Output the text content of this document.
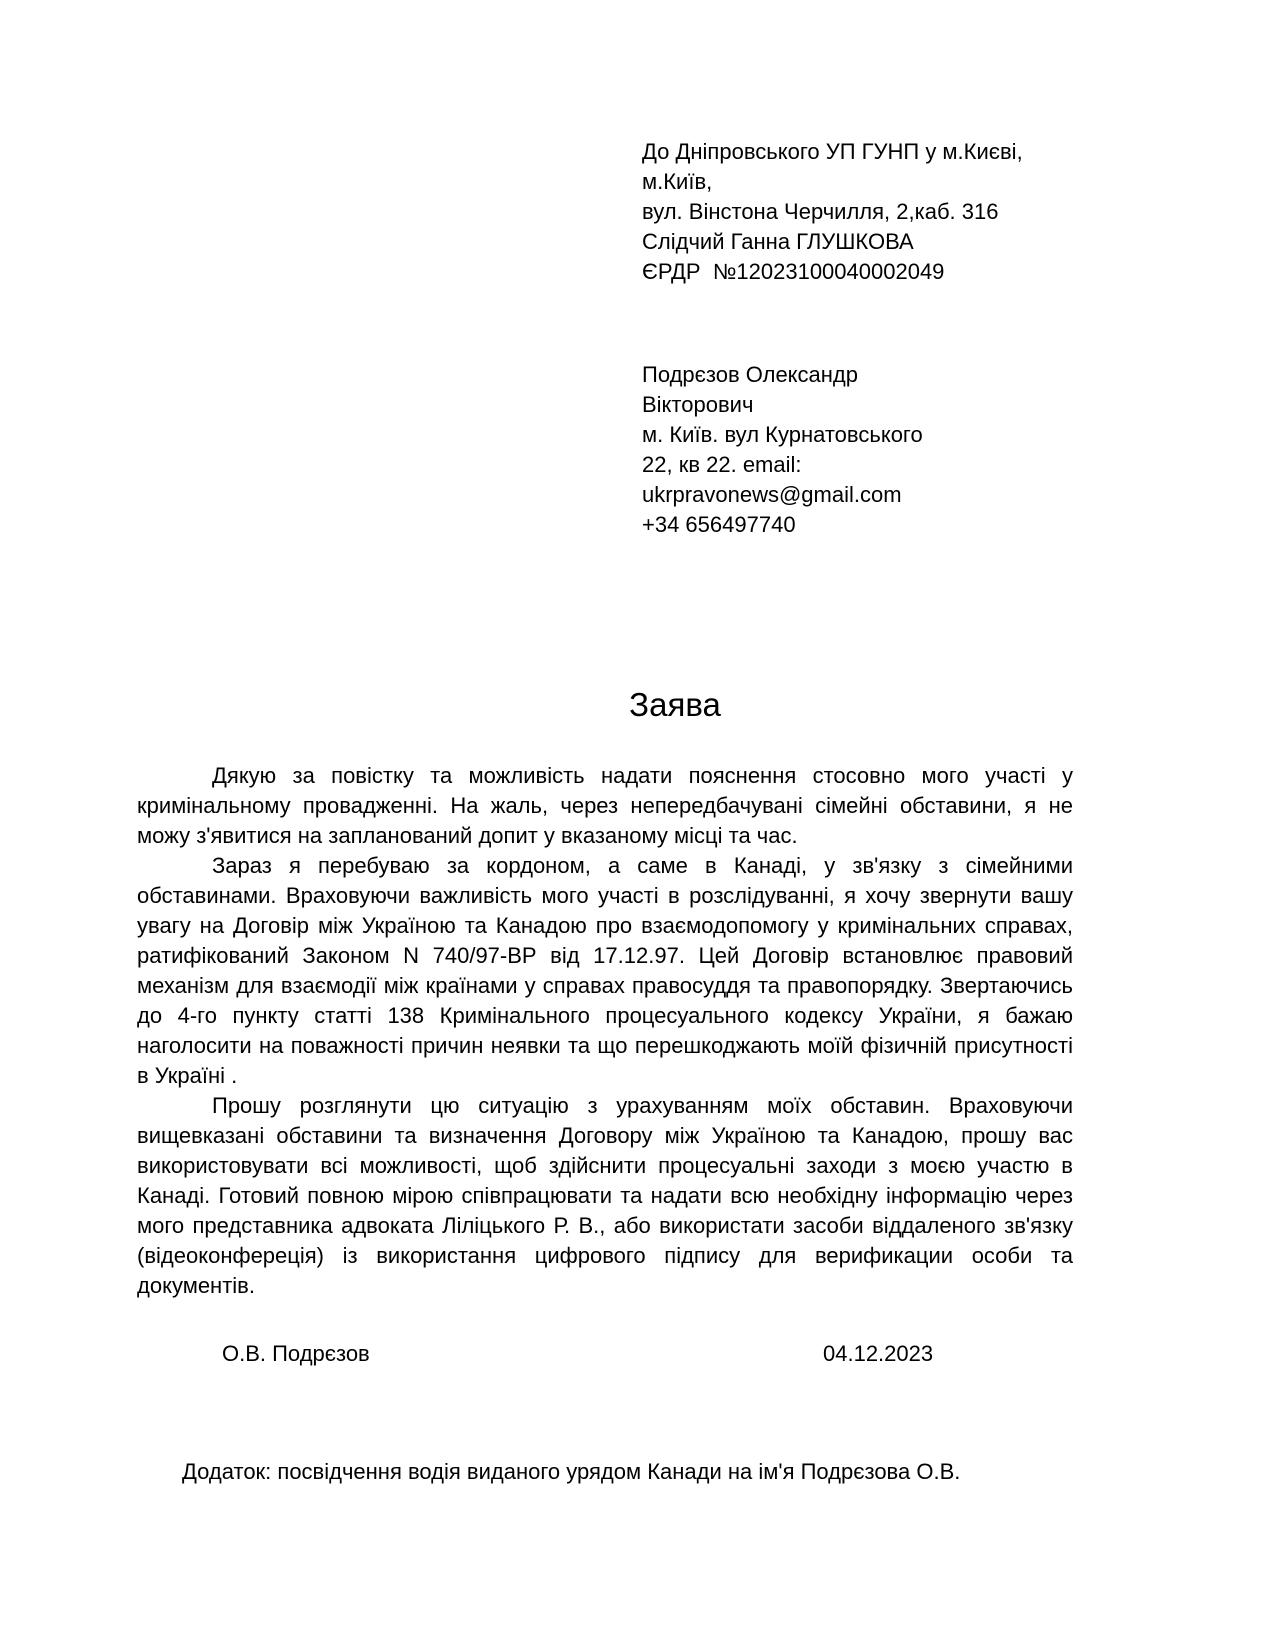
До Дніпровського УП ГУНП у м.Києві,
м.Київ,
вул. Вінстона Черчилля, 2,каб. 316
Слідчий Ганна ГЛУШКОВА
ЄРДР  №12023100040002049
Подрєзов Олександр
Вікторович
м. Київ. вул Курнатовського
22, кв 22. email:
ukrpravonews@gmail.com
+34 656497740
Заява

Дякую за повістку та можливість надати пояснення стосовно мого участі у кримінальному провадженні. На жаль, через непередбачувані сімейні обставини, я не можу з'явитися на запланований допит у вказаному місці та час.

Зараз я перебуваю за кордоном, а саме в Канаді, у зв'язку з сімейними обставинами. Враховуючи важливість мого участі в розслідуванні, я хочу звернути вашу увагу на Договір між Україною та Канадою про взаємодопомогу у кримінальних справах, ратифікований Законом N 740/97-ВР від 17.12.97. Цей Договір встановлює правовий механізм для взаємодії між країнами у справах правосуддя та правопорядку. Звертаючись до 4-го пункту статті 138 Кримінального процесуального кодексу України, я бажаю наголосити на поважності причин неявки та що перешкоджають моїй фізичній присутності в Україні .

Прошу розглянути цю ситуацію з урахуванням моїх обставин. Враховуючи вищевказані обставини та визначення Договору між Україною та Канадою, прошу вас використовувати всі можливості, щоб здійснити процесуальні заходи з моєю участю в Канаді. Готовий повною мірою співпрацювати та надати всю необхідну інформацію через мого представника адвоката Ліліцького Р. В., або використати засоби віддаленого зв'язку (відеоконфереція) із використання цифрового підпису для верификации особи та документів.

О.В. Подрєзов	04.12.2023
Додаток: посвідчення водія виданого урядом Канади на ім'я Подрєзова О.В.
